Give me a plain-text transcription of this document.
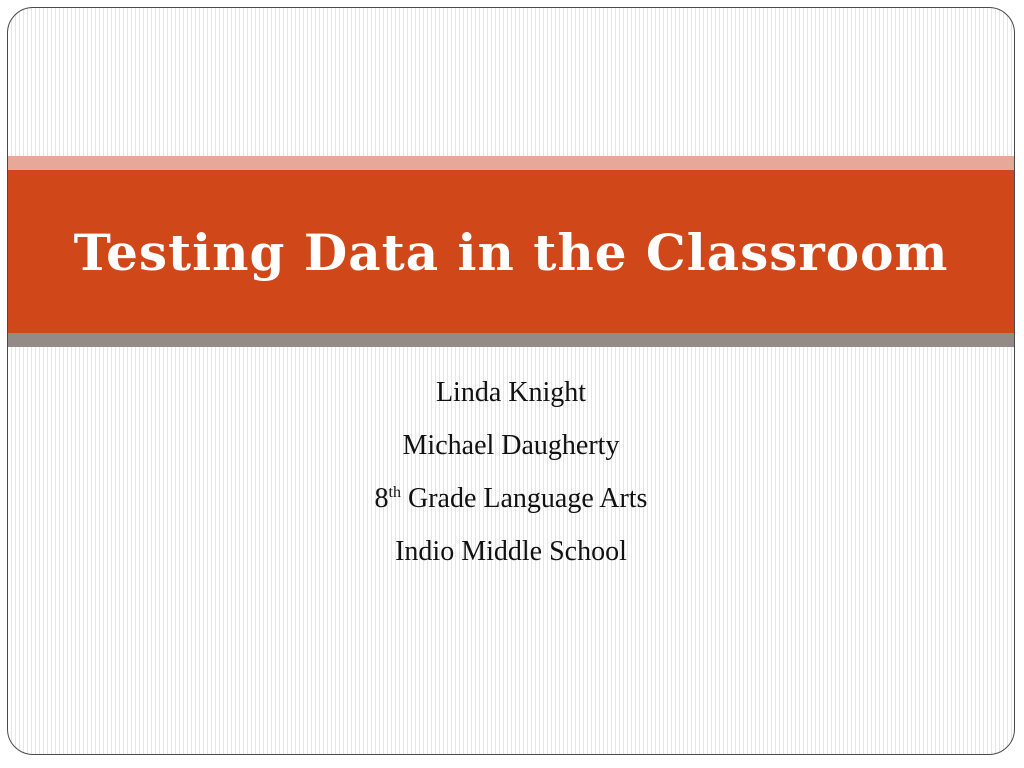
Testing Data in the Classroom
Linda Knight
Michael Daugherty
8th Grade Language Arts
Indio Middle School
